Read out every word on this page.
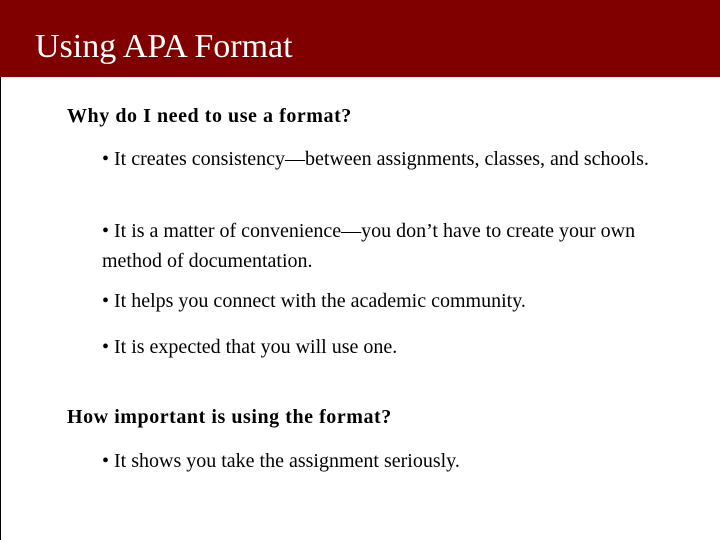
Using APA Format
Why do I need to use a format?
• It creates consistency—between assignments, classes, and schools.
• It is a matter of convenience—you don’t have to create your own method of documentation.
• It helps you connect with the academic community.
• It is expected that you will use one.
How important is using the format?
• It shows you take the assignment seriously.
